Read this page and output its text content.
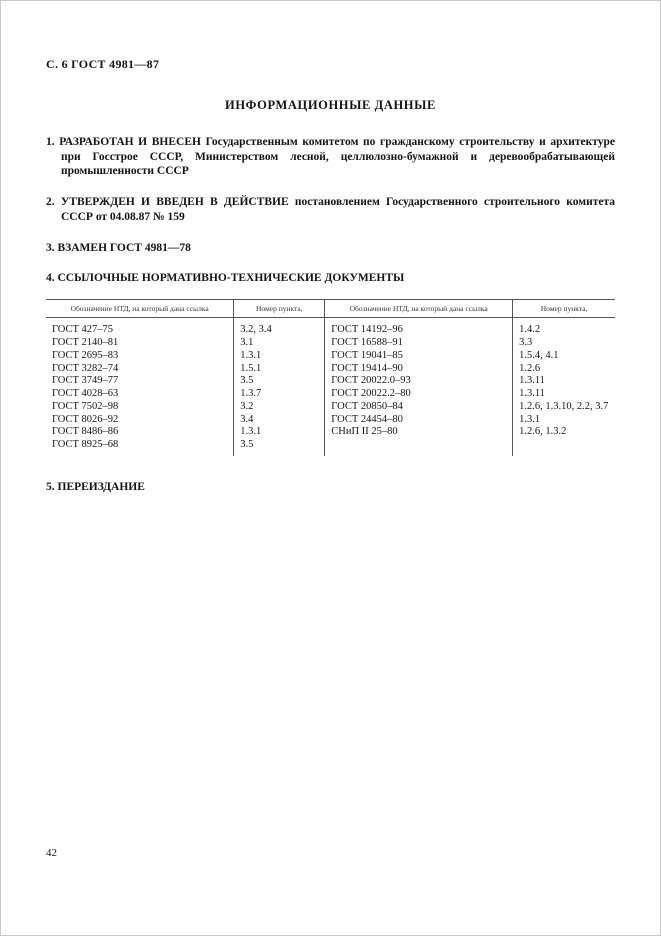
С. 6 ГОСТ 4981—87

ИНФОРМАЦИОННЫЕ ДАННЫЕ

1. РАЗРАБОТАН И ВНЕСЕН Государственным комитетом по гражданскому строительству и архитектуре при Госстрое СССР, Министерством лесной, целлюлозно-бумажной и деревообрабатывающей промышленности СССР

2. УТВЕРЖДЕН И ВВЕДЕН В ДЕЙСТВИЕ постановлением Государственного строительного комитета СССР от 04.08.87 № 159

3. ВЗАМЕН ГОСТ 4981—78

4. ССЫЛОЧНЫЕ НОРМАТИВНО-ТЕХНИЧЕСКИЕ ДОКУМЕНТЫ

Обозначение НТД, на который дана ссылка	Номер пункта,	Обозначение НТД, на который дана ссылка	Номер пункта,
ГОСТ 427–75	3.2, 3.4	ГОСТ 14192–96	1.4.2
ГОСТ 2140–81	3.1	ГОСТ 16588–91	3.3
ГОСТ 2695–83	1.3.1	ГОСТ 19041–85	1.5.4, 4.1
ГОСТ 3282–74	1.5.1	ГОСТ 19414–90	1.2.6
ГОСТ 3749–77	3.5	ГОСТ 20022.0–93	1.3.11
ГОСТ 4028–63	1.3.7	ГОСТ 20022.2–80	1.3.11
ГОСТ 7502–98	3.2	ГОСТ 20850–84	1.2.6, 1.3.10, 2.2, 3.7
ГОСТ 8026–92	3.4	ГОСТ 24454–80	1.3.1
ГОСТ 8486–86	1.3.1	СНиП II 25–80	1.2.6, 1.3.2
ГОСТ 8925–68	3.5		

5. ПЕРЕИЗДАНИЕ

42
